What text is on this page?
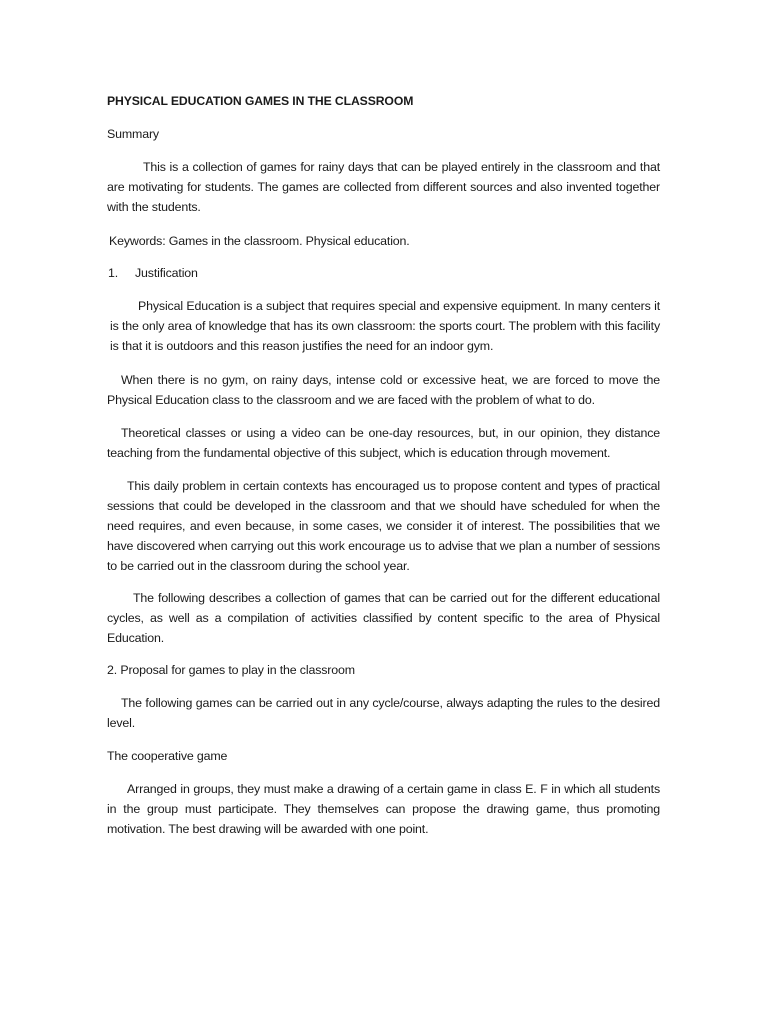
PHYSICAL EDUCATION GAMES IN THE CLASSROOM
Summary
This is a collection of games for rainy days that can be played entirely in the classroom and that are motivating for students. The games are collected from different sources and also invented together with the students.
Keywords: Games in the classroom. Physical education.
1. Justification
Physical Education is a subject that requires special and expensive equipment. In many centers it is the only area of knowledge that has its own classroom: the sports court. The problem with this facility is that it is outdoors and this reason justifies the need for an indoor gym.
When there is no gym, on rainy days, intense cold or excessive heat, we are forced to move the Physical Education class to the classroom and we are faced with the problem of what to do.
Theoretical classes or using a video can be one-day resources, but, in our opinion, they distance teaching from the fundamental objective of this subject, which is education through movement.
This daily problem in certain contexts has encouraged us to propose content and types of practical sessions that could be developed in the classroom and that we should have scheduled for when the need requires, and even because, in some cases, we consider it of interest. The possibilities that we have discovered when carrying out this work encourage us to advise that we plan a number of sessions to be carried out in the classroom during the school year.
The following describes a collection of games that can be carried out for the different educational cycles, as well as a compilation of activities classified by content specific to the area of Physical Education.
2. Proposal for games to play in the classroom
The following games can be carried out in any cycle/course, always adapting the rules to the desired level.
The cooperative game
Arranged in groups, they must make a drawing of a certain game in class E. F in which all students in the group must participate. They themselves can propose the drawing game, thus promoting motivation. The best drawing will be awarded with one point.
